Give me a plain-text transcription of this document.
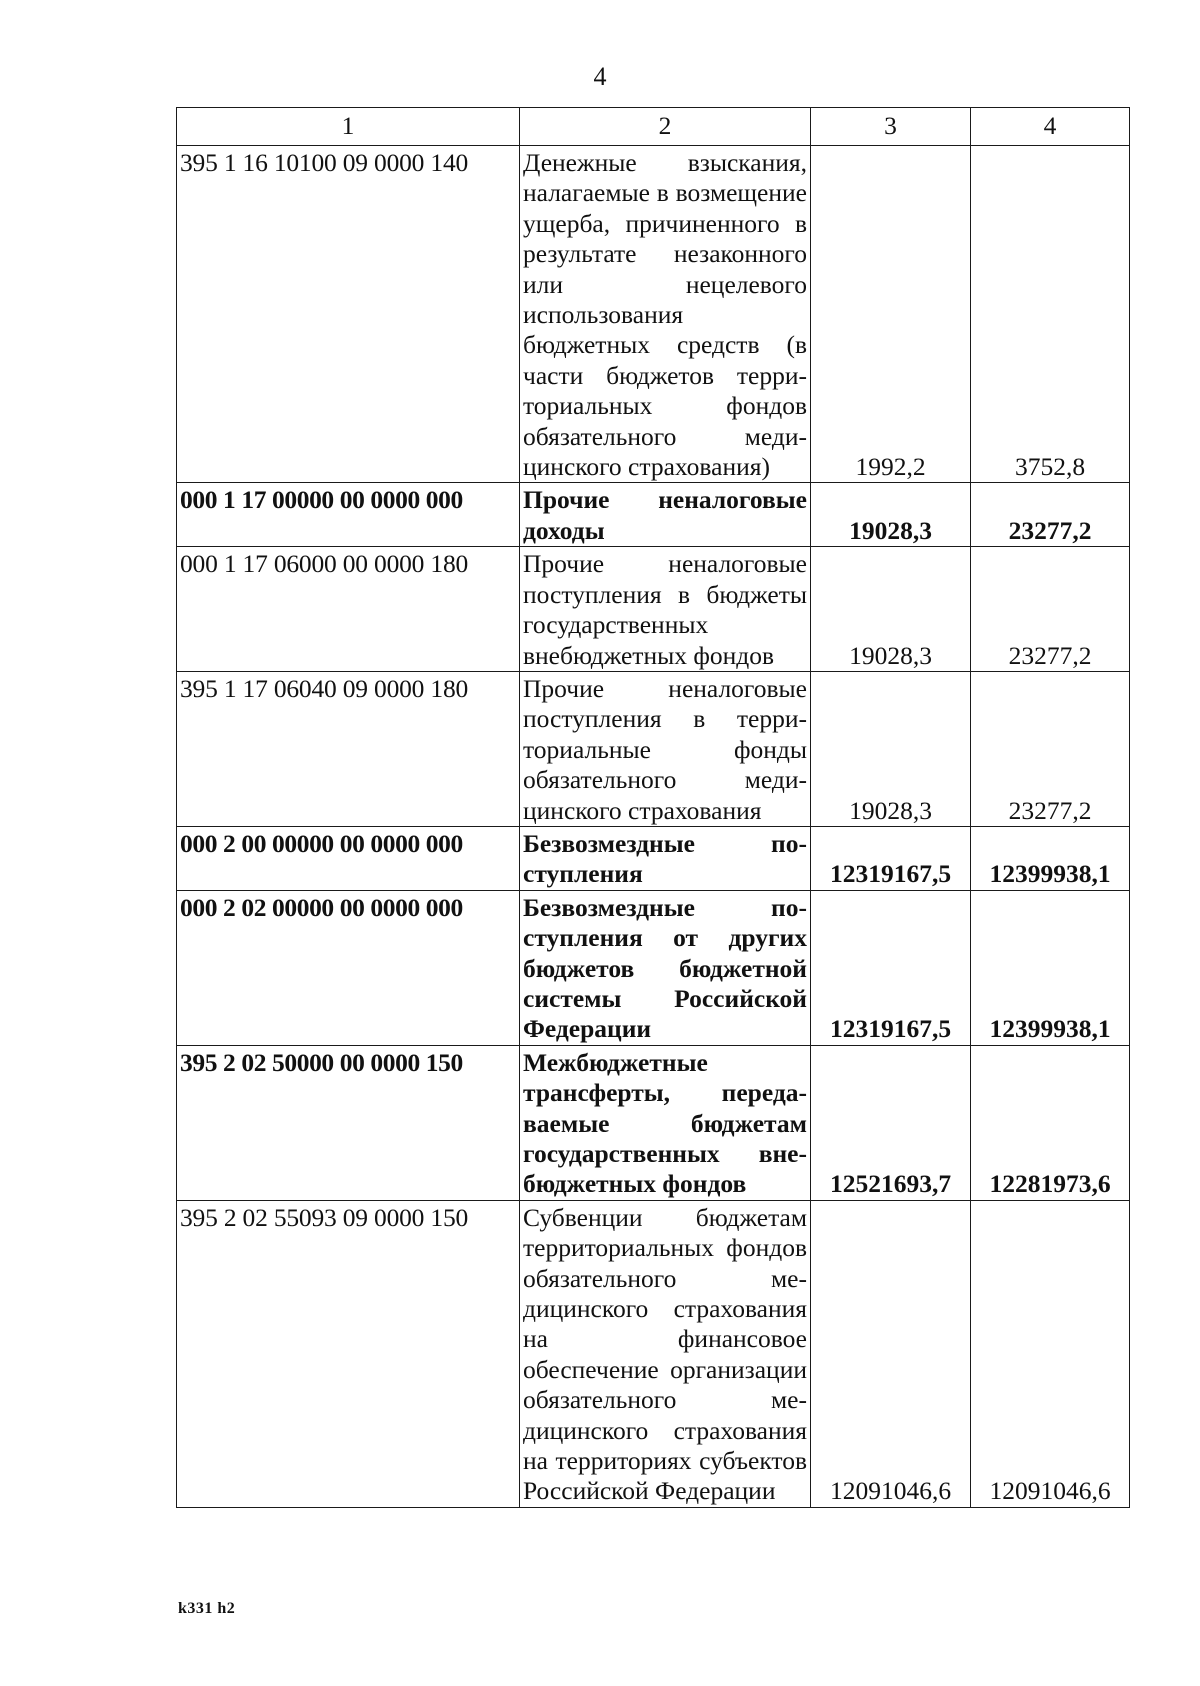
4
1	2	3	4
395 1 16 10100 09 0000 140	Денежные взыскания, налагаемые в возмещение ущерба, причиненного в результате незаконного или нецелевого использования бюджетных средств (в части бюджетов территориальных фондов обязательного медицинского страхования)	1992,2	3752,8
000 1 17 00000 00 0000 000	Прочие неналоговые доходы	19028,3	23277,2
000 1 17 06000 00 0000 180	Прочие неналоговые поступления в бюджеты государственных внебюджетных фондов	19028,3	23277,2
395 1 17 06040 09 0000 180	Прочие неналоговые поступления в территориальные фонды обязательного медицинского страхования	19028,3	23277,2
000 2 00 00000 00 0000 000	Безвозмездные поступления	12319167,5	12399938,1
000 2 02 00000 00 0000 000	Безвозмездные поступления от других бюджетов бюджетной системы Российской Федерации	12319167,5	12399938,1
395 2 02 50000 00 0000 150	Межбюджетные трансферты, передаваемые бюджетам государственных внебюджетных фондов	12521693,7	12281973,6
395 2 02 55093 09 0000 150	Субвенции бюджетам территориальных фондов обязательного медицинского страхования на финансовое обеспечение организации обязательного медицинского страхования на территориях субъектов Российской Федерации	12091046,6	12091046,6
k331 h2
